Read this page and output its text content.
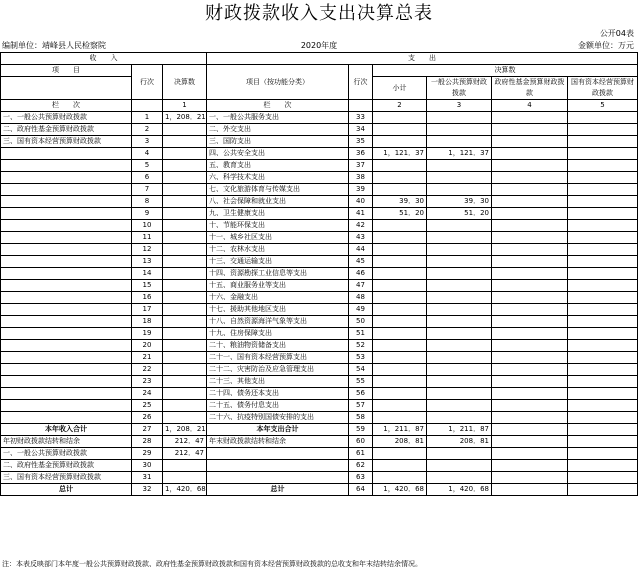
财政拨款收入支出决算总表
公开04表
编制单位：靖峰县人民检察院	2020年度	金额单位：万元
收　　入			支　　出					
项　　目	行次	决算数	项目（按功能分类）	行次	决算数			
					小计	一般公共预算财政拨款	政府性基金预算财政拨款	国有资本经营预算财政拨款
栏　　次		1	栏　　次		2	3	4	5
一、一般公共预算财政拨款	1	1，208．21	一、一般公共服务支出	33				
二、政府性基金预算财政拨款	2		二、外交支出	34				
三、国有资本经营预算财政拨款	3		三、国防支出	35				
	4		四、公共安全支出	36	1，121．37	1，121．37		
	5		五、教育支出	37				
	6		六、科学技术支出	38				
	7		七、文化旅游体育与传媒支出	39				
	8		八、社会保障和就业支出	40	39．30	39．30		
	9		九、卫生健康支出	41	51．20	51．20		
	10		十、节能环保支出	42				
	11		十一、城乡社区支出	43				
	12		十二、农林水支出	44				
	13		十三、交通运输支出	45				
	14		十四、资源勘探工业信息等支出	46				
	15		十五、商业服务业等支出	47				
	16		十六、金融支出	48				
	17		十七、援助其他地区支出	49				
	18		十八、自然资源海洋气象等支出	50				
	19		十九、住房保障支出	51				
	20		二十、粮油物资储备支出	52				
	21		二十一、国有资本经营预算支出	53				
	22		二十二、灾害防治及应急管理支出	54				
	23		二十三、其他支出	55				
	24		二十四、债务还本支出	56				
	25		二十五、债务付息支出	57				
	26		二十六、抗疫特别国债安排的支出	58				
本年收入合计	27	1，208．21	本年支出合计	59	1，211．87	1，211．87		
年初财政拨款结转和结余	28	212．47	年末财政拨款结转和结余	60	208．81	208．81		
一、一般公共预算财政拨款	29	212．47		61				
二、政府性基金预算财政拨款	30			62				
三、国有资本经营预算财政拨款	31			63				
总计	32	1，420．68	总计	64	1，420．68	1，420．68		
注：本表反映部门本年度一般公共预算财政拨款、政府性基金预算财政拨款和国有资本经营预算财政拨款的总收支和年末结转结余情况。
